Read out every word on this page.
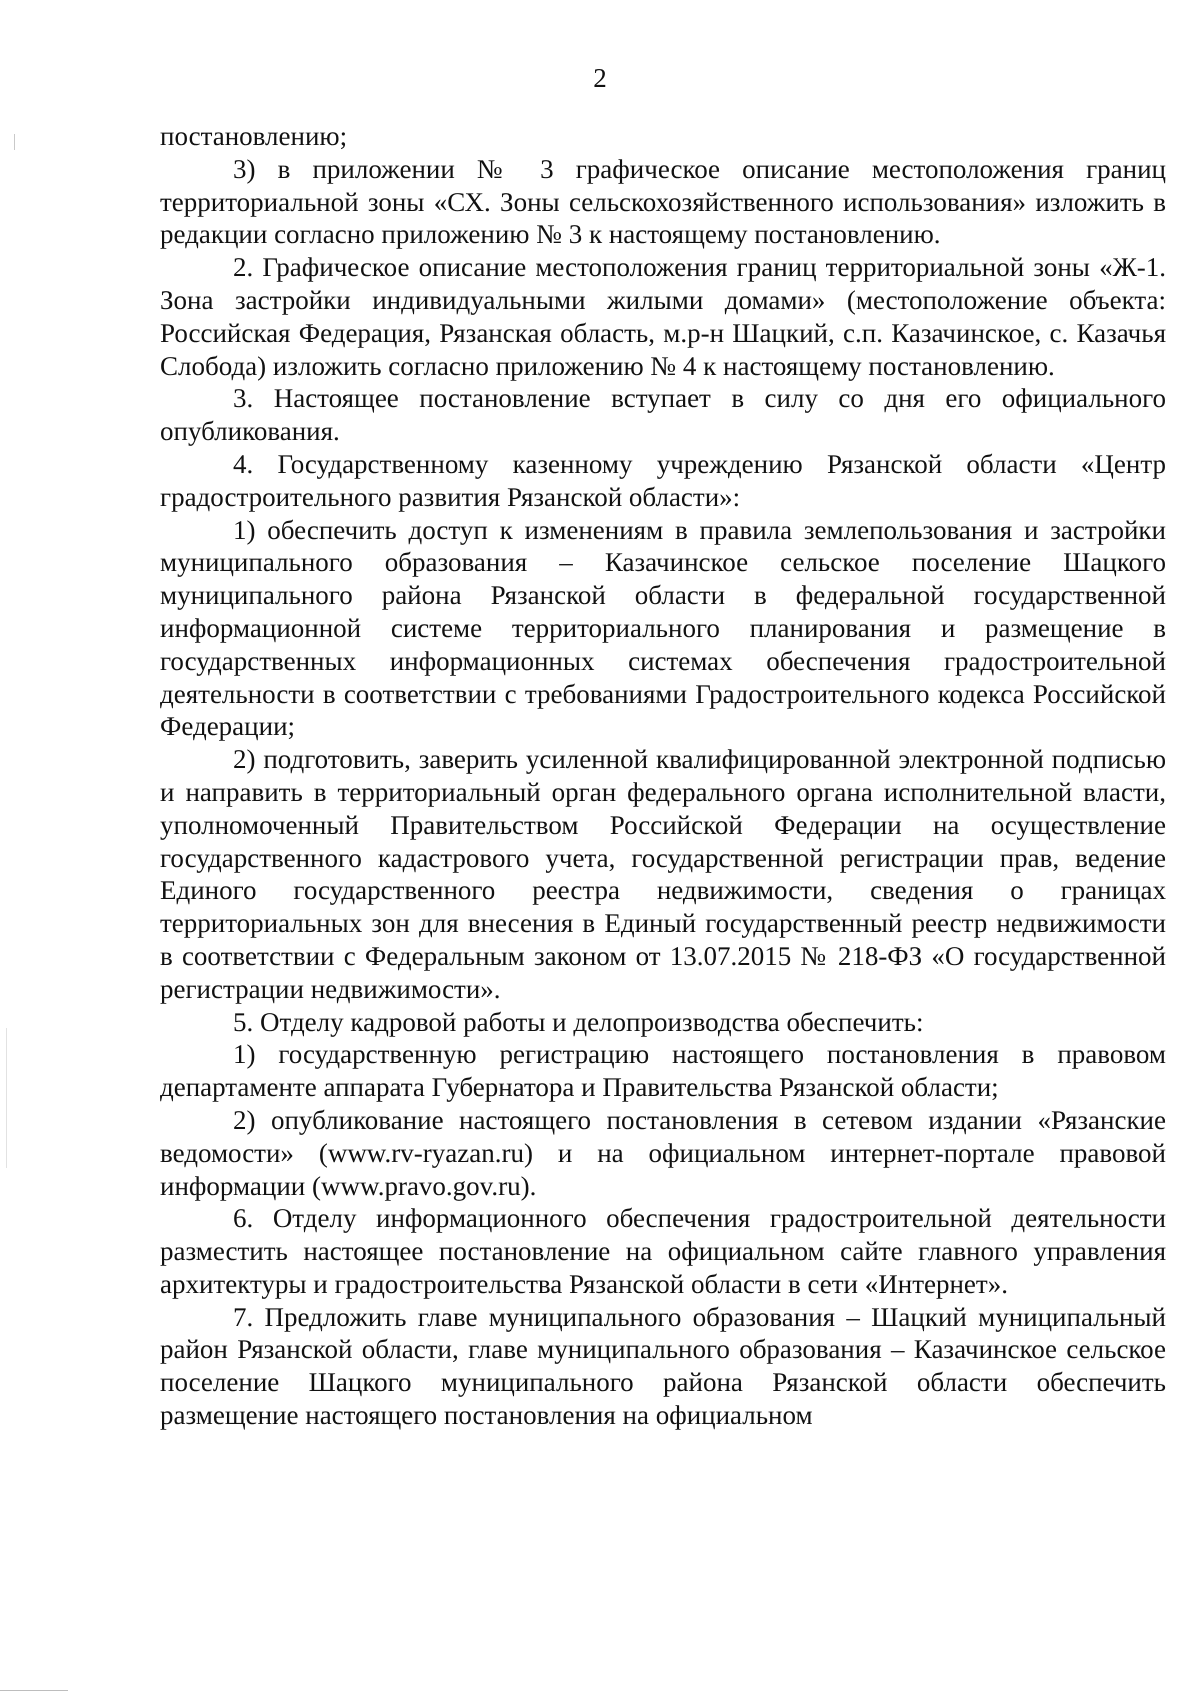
2

постановлению;

3) в приложении № 3 графическое описание местоположения границ территориальной зоны «СХ. Зоны сельскохозяйственного использования» изложить в редакции согласно приложению № 3 к настоящему постановлению.

2. Графическое описание местоположения границ территориальной зоны «Ж-1. Зона застройки индивидуальными жилыми домами» (местоположение объекта: Российская Федерация, Рязанская область, м.р-н Шацкий, с.п. Казачинское, с. Казачья Слобода) изложить согласно приложению № 4 к настоящему постановлению.

3. Настоящее постановление вступает в силу со дня его официального опубликования.

4. Государственному казенному учреждению Рязанской области «Центр градостроительного развития Рязанской области»:

1) обеспечить доступ к изменениям в правила землепользования и застройки муниципального образования – Казачинское сельское поселение Шацкого муниципального района Рязанской области в федеральной государственной информационной системе территориального планирования и размещение в государственных информационных системах обеспечения градостроительной деятельности в соответствии с требованиями Градостроительного кодекса Российской Федерации;

2) подготовить, заверить усиленной квалифицированной электронной подписью и направить в территориальный орган федерального органа исполнительной власти, уполномоченный Правительством Российской Федерации на осуществление государственного кадастрового учета, государственной регистрации прав, ведение Единого государственного реестра недвижимости, сведения о границах территориальных зон для внесения в Единый государственный реестр недвижимости в соответствии с Федеральным законом от 13.07.2015 № 218-ФЗ «О государственной регистрации недвижимости».

5. Отделу кадровой работы и делопроизводства обеспечить:

1) государственную регистрацию настоящего постановления в правовом департаменте аппарата Губернатора и Правительства Рязанской области;

2) опубликование настоящего постановления в сетевом издании «Рязанские ведомости» (www.rv-ryazan.ru) и на официальном интернет-портале правовой информации (www.pravo.gov.ru).

6. Отделу информационного обеспечения градостроительной деятельности разместить настоящее постановление на официальном сайте главного управления архитектуры и градостроительства Рязанской области в сети «Интернет».

7. Предложить главе муниципального образования – Шацкий муниципальный район Рязанской области, главе муниципального образования – Казачинское сельское поселение Шацкого муниципального района Рязанской области обеспечить размещение настоящего постановления на официальном
